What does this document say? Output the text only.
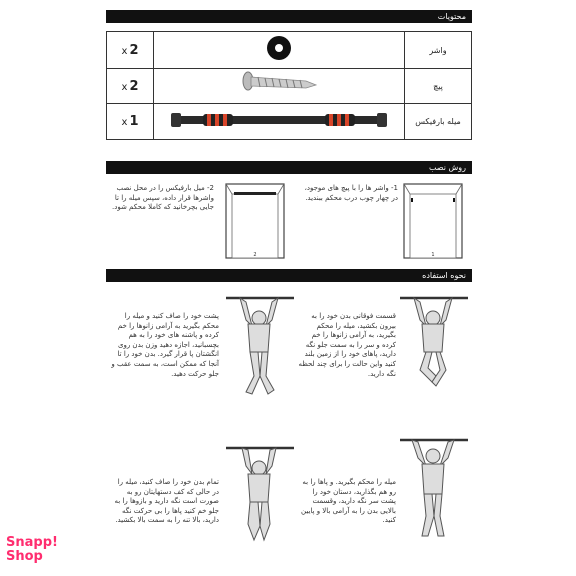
محتویات
x 2		واشر
x 2		پیچ
x 1		میله بارفیکس
روش نصب
2- میل بارفیکس را در محل نصب واشرها قرار داده، سپس میله را تا جایی بچرخانید که کاملا محکم شود.
2	1
1- واشر ها را با پیچ های موجود، در چهار چوب درب محکم ببندید.
نحوه استفاده
پشت خود را صاف کنید و میله را محکم بگیرید به آرامی زانوها را خم کرده و پاشنه های خود را به هم بچسبانید، اجازه دهید وزن بدن روی انگشتان پا قرار گیرد. بدن خود را تا آنجا که ممکن است، به سمت عقب و جلو حرکت دهید.
قسمت فوقانی بدن خود را به بیرون بکشید، میله را محکم بگیرید، به آرامی زانوها را خم کرده و سر را به سمت جلو نگه دارید، پاهای خود را از زمین بلند کنید واین حالت را برای چند لحظه نگه دارید.
تمام بدن خود را صاف کنید، میله را در حالی که کف دستهایتان رو به صورت است نگه دارید و بازوها را به جلو خم کنید پاها را بی حرکت نگه دارید، بالا تنه را به سمت بالا بکشید.
میله را محکم بگیرید. و پاها را به رو هم بگذارید، دستان خود را پشت سر نگه دارید، وقسمت بالایی بدن را به آرامی بالا و پایین کنید.
Snapp!
Shop
